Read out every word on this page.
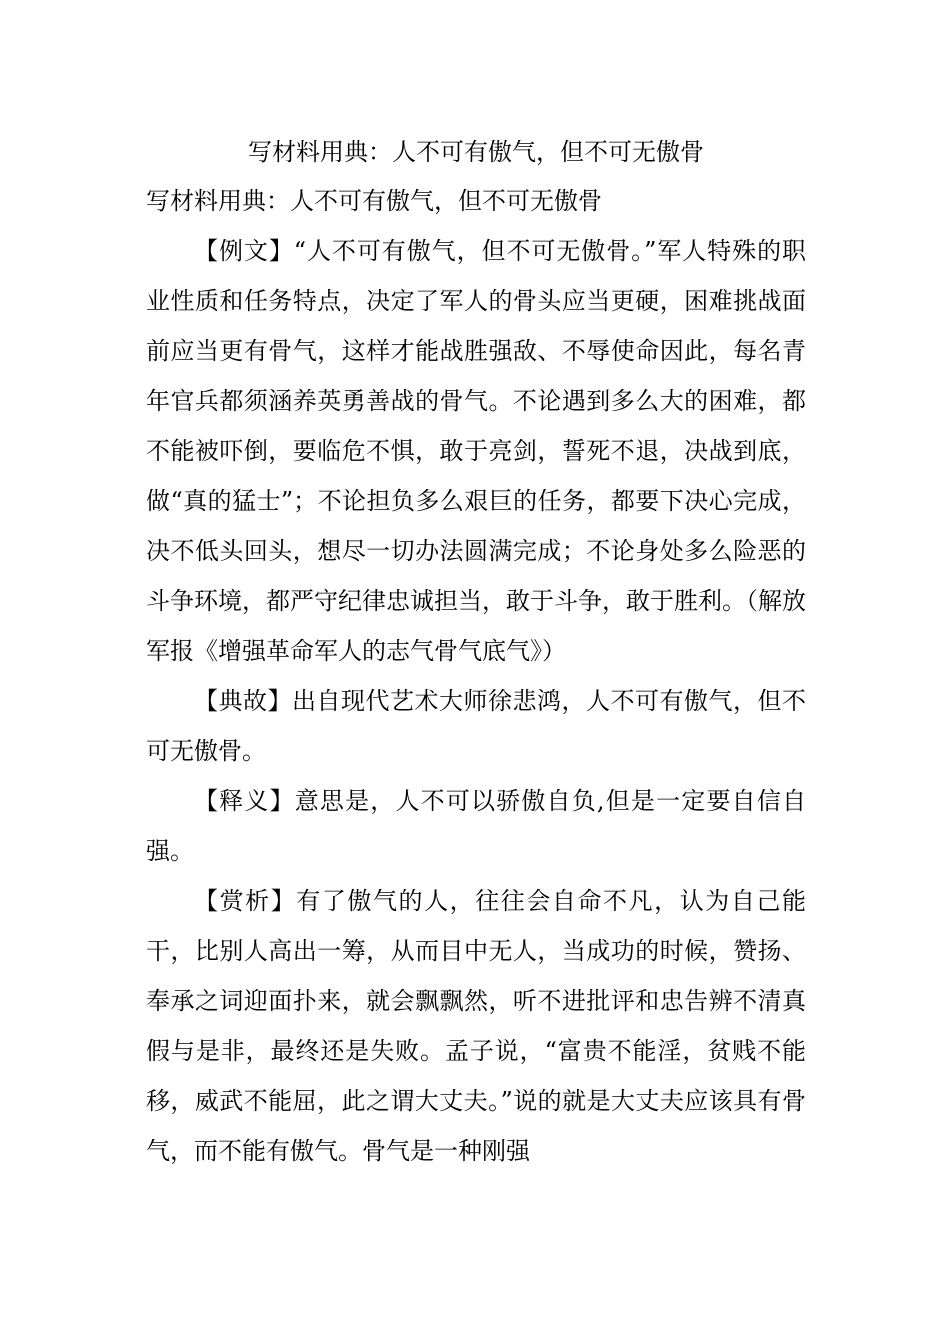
写材料用典：人不可有傲气，但不可无傲骨
写材料用典：人不可有傲气，但不可无傲骨

【例文】“人不可有傲气，但不可无傲骨。”军人特殊的职业性质和任务特点，决定了军人的骨头应当更硬，困难挑战面前应当更有骨气，这样才能战胜强敌、不辱使命因此，每名青年官兵都须涵养英勇善战的骨气。不论遇到多么大的困难，都不能被吓倒，要临危不惧，敢于亮剑，誓死不退，决战到底，做“真的猛士”；不论担负多么艰巨的任务，都要下决心完成，决不低头回头，想尽一切办法圆满完成；不论身处多么险恶的斗争环境，都严守纪律忠诚担当，敢于斗争，敢于胜利。（解放军报《增强革命军人的志气骨气底气》）

【典故】出自现代艺术大师徐悲鸿，人不可有傲气，但不可无傲骨。

【释义】意思是，人不可以骄傲自负,但是一定要自信自强。

【赏析】有了傲气的人，往往会自命不凡，认为自己能干，比别人高出一筹，从而目中无人，当成功的时候，赞扬、奉承之词迎面扑来，就会飘飘然，听不进批评和忠告辨不清真假与是非，最终还是失败。孟子说，“富贵不能淫，贫贱不能移，威武不能屈，此之谓大丈夫。”说的就是大丈夫应该具有骨气，而不能有傲气。骨气是一种刚强
